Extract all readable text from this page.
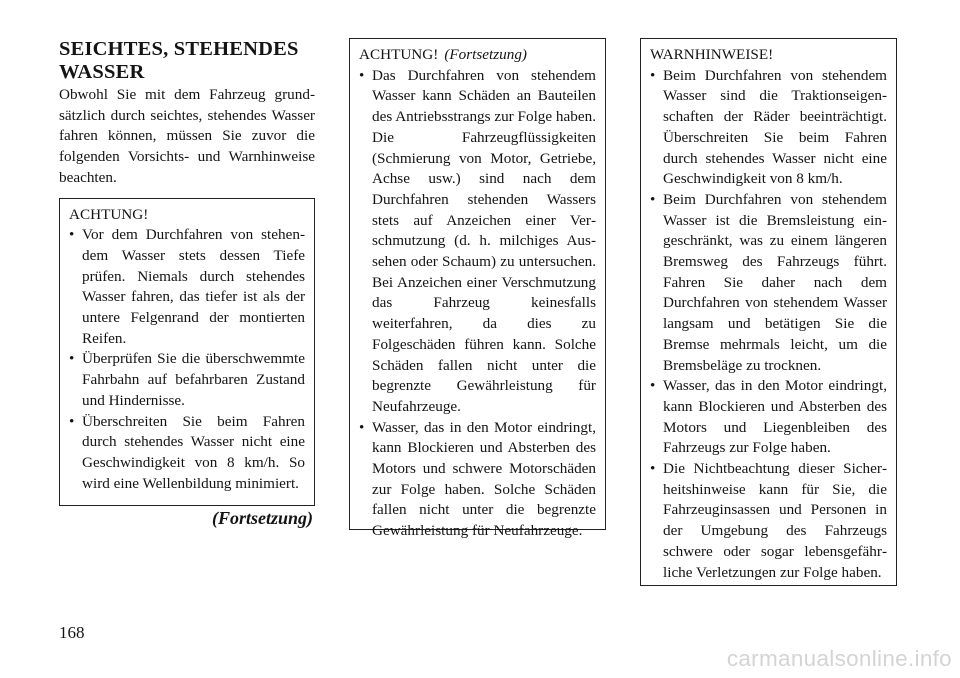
SEICHTES, STEHENDES WASSER

Obwohl Sie mit dem Fahrzeug grundsätzlich durch seichtes, stehendes Wasser fahren können, müssen Sie zuvor die folgenden Vorsichts- und Warnhinweise beachten.

ACHTUNG!
• Vor dem Durchfahren von stehendem Wasser stets dessen Tiefe prüfen. Niemals durch stehendes Wasser fahren, das tiefer ist als der untere Felgenrand der montierten Reifen.
• Überprüfen Sie die überschwemmte Fahrbahn auf befahrbaren Zustand und Hindernisse.
• Überschreiten Sie beim Fahren durch stehendes Wasser nicht eine Geschwindigkeit von 8 km/h. So wird eine Wellenbildung minimiert.
(Fortsetzung)
ACHTUNG! (Fortsetzung)
• Das Durchfahren von stehendem Wasser kann Schäden an Bauteilen des Antriebsstrangs zur Folge haben. Die Fahrzeugflüssigkeiten (Schmierung von Motor, Getriebe, Achse usw.) sind nach dem Durchfahren stehenden Wassers stets auf Anzeichen einer Verschmutzung (d. h. milchiges Aussehen oder Schaum) zu untersuchen. Bei Anzeichen einer Verschmutzung das Fahrzeug keinesfalls weiterfahren, da dies zu Folgeschäden führen kann. Solche Schäden fallen nicht unter die begrenzte Gewährleistung für Neufahrzeuge.
• Wasser, das in den Motor eindringt, kann Blockieren und Absterben des Motors und schwere Motorschäden zur Folge haben. Solche Schäden fallen nicht unter die begrenzte Gewährleistung für Neufahrzeuge.
WARNHINWEISE!
• Beim Durchfahren von stehendem Wasser sind die Traktionseigenschaften der Räder beeinträchtigt. Überschreiten Sie beim Fahren durch stehendes Wasser nicht eine Geschwindigkeit von 8 km/h.
• Beim Durchfahren von stehendem Wasser ist die Bremsleistung eingeschränkt, was zu einem längeren Bremsweg des Fahrzeugs führt. Fahren Sie daher nach dem Durchfahren von stehendem Wasser langsam und betätigen Sie die Bremse mehrmals leicht, um die Bremsbeläge zu trocknen.
• Wasser, das in den Motor eindringt, kann Blockieren und Absterben des Motors und Liegenbleiben des Fahrzeugs zur Folge haben.
• Die Nichtbeachtung dieser Sicherheitshinweise kann für Sie, die Fahrzeuginsassen und Personen in der Umgebung des Fahrzeugs schwere oder sogar lebensgefährliche Verletzungen zur Folge haben.
168
carmanualsonline.info
